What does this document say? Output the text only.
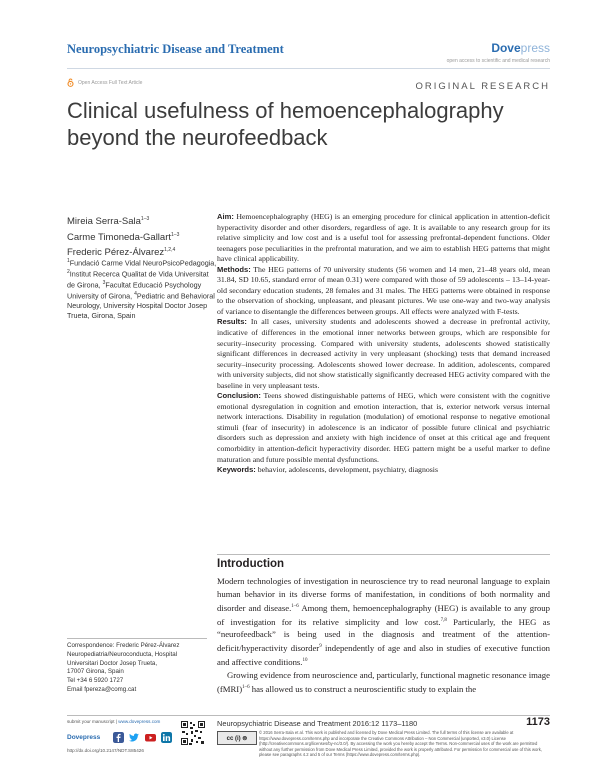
Neuropsychiatric Disease and Treatment	Dovepress
open access to scientific and medical research
Open Access Full Text Article	ORIGINAL RESEARCH
Clinical usefulness of hemoencephalography beyond the neurofeedback
Mireia Serra-Sala$^{1-3}$
Carme Timoneda-Gallart$^{1-3}$
Frederic Pérez-Álvarez$^{1,2,4}$
$^1$Fundació Carme Vidal NeuroPsicoPedagogia, $^2$Institut Recerca Qualitat de Vida Universitat de Girona, $^3$Facultat Educació Psychology University of Girona, $^4$Pediatric and Behavioral Neurology, University Hospital Doctor Josep Trueta, Girona, Spain

Aim: Hemoencephalography (HEG) is an emerging procedure for clinical application in attention-deficit hyperactivity disorder and other disorders, regardless of age. It is available to any research group for its relative simplicity and low cost and is a useful tool for assessing prefrontal-dependent functions. Older teenagers pose peculiarities in the prefrontal maturation, and we aim to establish HEG patterns that might have clinical applicability.

Methods: The HEG patterns of 70 university students (56 women and 14 men, 21–48 years old, mean 31.84, SD 10.65, standard error of mean 0.31) were compared with those of 59 adolescents – 13–14-year-old secondary education students, 28 females and 31 males. The HEG patterns were obtained in response to the observation of shocking, unpleasant, and pleasant pictures. We use one-way and two-way analysis of variance to disentangle the differences between groups. All effects were analyzed with F-tests.

Results: In all cases, university students and adolescents showed a decrease in prefrontal activity, indicative of differences in the emotional inner networks between groups, which are responsible for security–insecurity processing. Compared with university students, adolescents showed statistically significant differences in decreased activity in very unpleasant (shocking) tests that demand increased security–insecurity processing. Adolescents showed lower decrease. In addition, adolescents, compared with university subjects, did not show statistically significantly decreased HEG activity compared with the baseline in very unpleasant tests.

Conclusion: Teens showed distinguishable patterns of HEG, which were consistent with the cognitive emotional dysregulation in cognition and emotion interaction, that is, exterior network versus internal network interactions. Disability in regulation (modulation) of emotional response to negative emotional stimuli (fear of insecurity) in adolescence is an indicator of possible future clinical and psychiatric disorders such as depression and anxiety with high incidence of onset at this critical age and frequent comorbidity in attention-deficit hyperactivity disorder. HEG pattern might be a useful marker to define maturation and future possible mental dysfunctions.

Keywords: behavior, adolescents, development, psychiatry, diagnosis

Introduction

Modern technologies of investigation in neuroscience try to read neuronal language to explain human behavior in its diverse forms of manifestation, in conditions of both normality and disorder and disease.$^{1-6}$ Among them, hemoencephalography (HEG) is available to any group of investigation for its relative simplicity and low cost.$^{7,8}$ Particularly, the HEG as “neurofeedback” is being used in the diagnosis and treatment of the attention-deficit/hyperactivity disorder$^9$ independently of age and also in studies of executive function and affective conditions.$^{10}$

Growing evidence from neuroscience and, particularly, functional magnetic resonance image (fMRI)$^{1-6}$ has allowed us to construct a neuroscientific study to explain the

Correspondence: Frederic Pérez-Álvarez
Neuropediatria/Neuroconducta, Hospital
Universitari Doctor Josep Trueta,
17007 Girona, Spain
Tel +34 6 5920 1727
Email fpereza@comg.cat
submit your manuscript | www.dovepress.com
Dovepress
http://dx.doi.org/10.2147/NDT.S85426
Neuropsychiatric Disease and Treatment 2016:12 1173–1180	1173
cc (i) ⊜
© 2016 Serra-Sala et al. This work is published and licensed by Dove Medical Press Limited. The full terms of this license are available at https://www.dovepress.com/terms.php and incorporate the Creative Commons Attribution – Non Commercial (unported, v3.0) License (http://creativecommons.org/licenses/by-nc/3.0/). By accessing the work you hereby accept the Terms. Non-commercial uses of the work are permitted without any further permission from Dove Medical Press Limited, provided the work is properly attributed. For permission for commercial use of this work, please see paragraphs 4.2 and 5 of our Terms (https://www.dovepress.com/terms.php).
